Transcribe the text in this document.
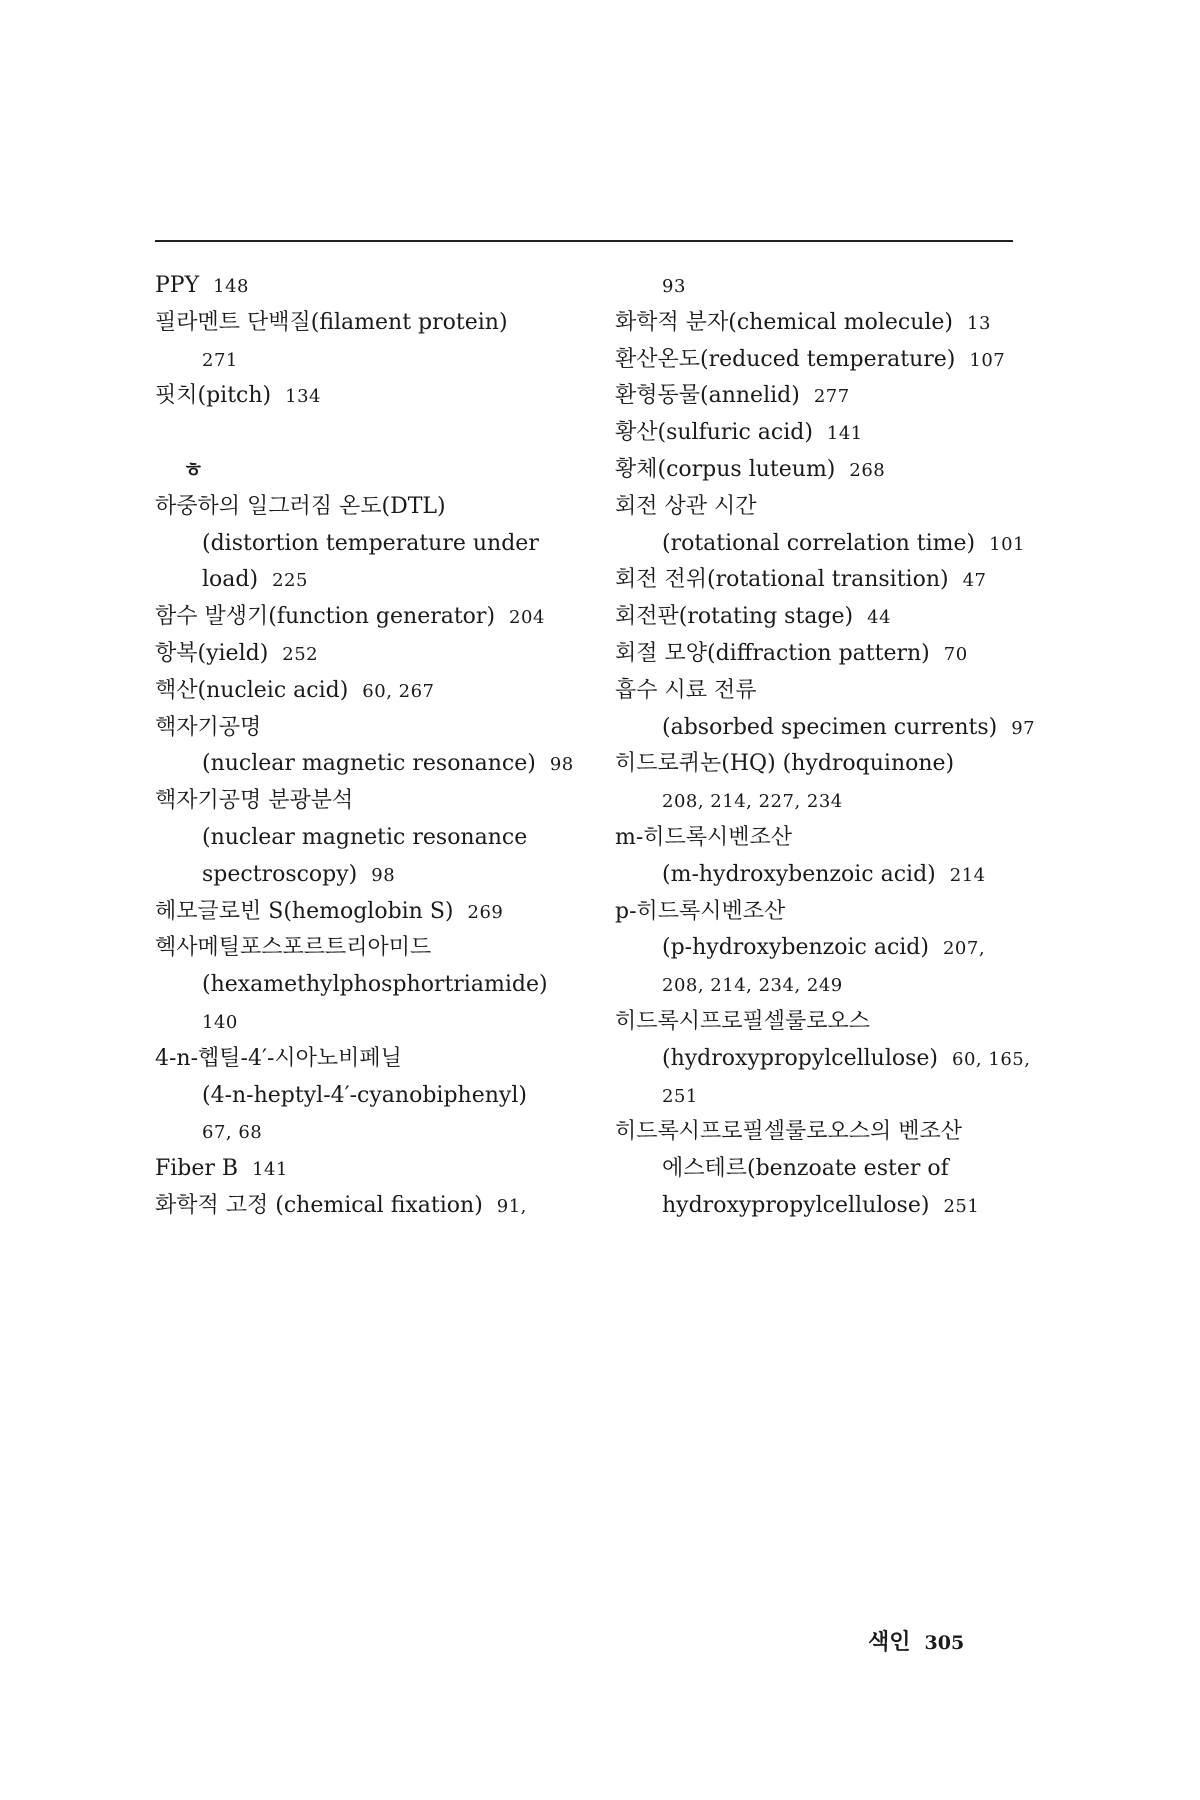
PPY 148
필라멘트 단백질(filament protein)
271
핏치(pitch) 134
ㅎ
하중하의 일그러짐 온도(DTL)
(distortion temperature under
load) 225
함수 발생기(function generator) 204
항복(yield) 252
핵산(nucleic acid) 60, 267
핵자기공명
(nuclear magnetic resonance) 98
핵자기공명 분광분석
(nuclear magnetic resonance
spectroscopy) 98
헤모글로빈 S(hemoglobin S) 269
헥사메틸포스포르트리아미드
(hexamethylphosphortriamide)
140
4-n-헵틸-4′-시아노비페닐
(4-n-heptyl-4′-cyanobiphenyl)
67, 68
Fiber B 141
화학적 고정 (chemical fixation) 91,
93
화학적 분자(chemical molecule) 13
환산온도(reduced temperature) 107
환형동물(annelid) 277
황산(sulfuric acid) 141
황체(corpus luteum) 268
회전 상관 시간
(rotational correlation time) 101
회전 전위(rotational transition) 47
회전판(rotating stage) 44
회절 모양(diffraction pattern) 70
흡수 시료 전류
(absorbed specimen currents) 97
히드로퀴논(HQ) (hydroquinone)
208, 214, 227, 234
m-히드록시벤조산
(m-hydroxybenzoic acid) 214
p-히드록시벤조산
(p-hydroxybenzoic acid) 207,
208, 214, 234, 249
히드록시프로필셀룰로오스
(hydroxypropylcellulose) 60, 165,
251
히드록시프로필셀룰로오스의 벤조산
에스테르(benzoate ester of
hydroxypropylcellulose) 251
색인 305
